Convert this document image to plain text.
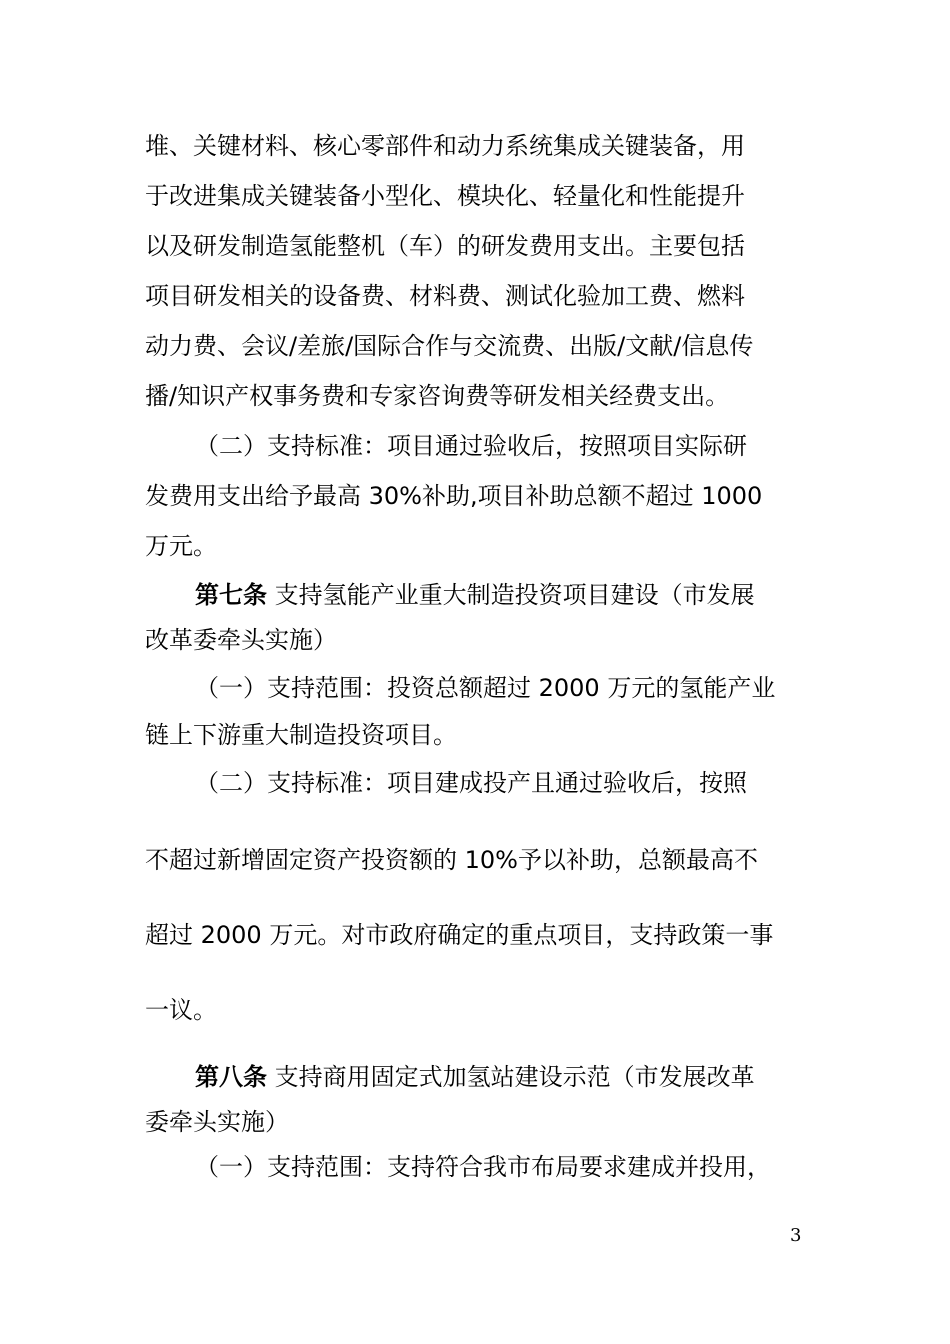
堆、关键材料、核心零部件和动力系统集成关键装备，用
于改进集成关键装备小型化、模块化、轻量化和性能提升
以及研发制造氢能整机（车）的研发费用支出。主要包括
项目研发相关的设备费、材料费、测试化验加工费、燃料
动力费、会议/差旅/国际合作与交流费、出版/文献/信息传
播/知识产权事务费和专家咨询费等研发相关经费支出。
（二）支持标准：项目通过验收后，按照项目实际研
发费用支出给予最高 30%补助,项目补助总额不超过 1000
万元。
第七条 支持氢能产业重大制造投资项目建设（市发展
改革委牵头实施）
（一）支持范围：投资总额超过 2000 万元的氢能产业
链上下游重大制造投资项目。
（二）支持标准：项目建成投产且通过验收后，按照
不超过新增固定资产投资额的 10%予以补助，总额最高不
超过 2000 万元。对市政府确定的重点项目，支持政策一事
一议。
第八条 支持商用固定式加氢站建设示范（市发展改革
委牵头实施）
（一）支持范围：支持符合我市布局要求建成并投用，
3
